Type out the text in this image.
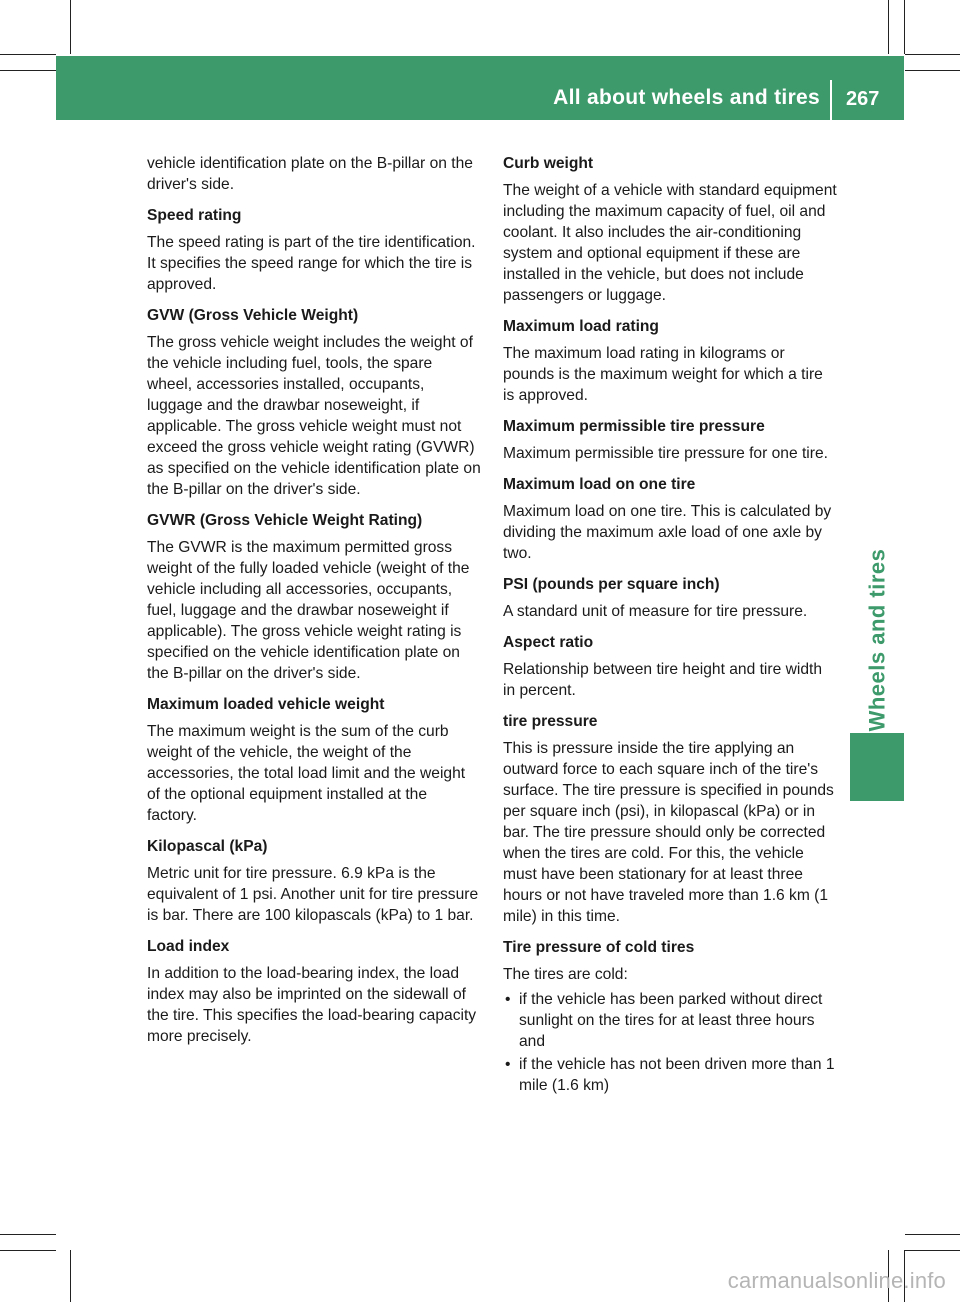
All about wheels and tires 267
Wheels and tires

vehicle identification plate on the B-pillar on the driver's side.

Speed rating

The speed rating is part of the tire identification. It specifies the speed range for which the tire is approved.

GVW (Gross Vehicle Weight)

The gross vehicle weight includes the weight of the vehicle including fuel, tools, the spare wheel, accessories installed, occupants, luggage and the drawbar noseweight, if applicable. The gross vehicle weight must not exceed the gross vehicle weight rating (GVWR) as specified on the vehicle identification plate on the B-pillar on the driver's side.

GVWR (Gross Vehicle Weight Rating)

The GVWR is the maximum permitted gross weight of the fully loaded vehicle (weight of the vehicle including all accessories, occupants, fuel, luggage and the drawbar noseweight if applicable). The gross vehicle weight rating is specified on the vehicle identification plate on the B-pillar on the driver's side.

Maximum loaded vehicle weight

The maximum weight is the sum of the curb weight of the vehicle, the weight of the accessories, the total load limit and the weight of the optional equipment installed at the factory.

Kilopascal (kPa)

Metric unit for tire pressure. 6.9 kPa is the equivalent of 1 psi. Another unit for tire pressure is bar. There are 100 kilopascals (kPa) to 1 bar.

Load index

In addition to the load-bearing index, the load index may also be imprinted on the sidewall of the tire. This specifies the load-bearing capacity more precisely.

Curb weight

The weight of a vehicle with standard equipment including the maximum capacity of fuel, oil and coolant. It also includes the air-conditioning system and optional equipment if these are installed in the vehicle, but does not include passengers or luggage.

Maximum load rating

The maximum load rating in kilograms or pounds is the maximum weight for which a tire is approved.

Maximum permissible tire pressure

Maximum permissible tire pressure for one tire.

Maximum load on one tire

Maximum load on one tire. This is calculated by dividing the maximum axle load of one axle by two.

PSI (pounds per square inch)

A standard unit of measure for tire pressure.

Aspect ratio

Relationship between tire height and tire width in percent.

tire pressure

This is pressure inside the tire applying an outward force to each square inch of the tire's surface. The tire pressure is specified in pounds per square inch (psi), in kilopascal (kPa) or in bar. The tire pressure should only be corrected when the tires are cold. For this, the vehicle must have been stationary for at least three hours or not have traveled more than 1.6 km (1 mile) in this time.

Tire pressure of cold tires

The tires are cold:

• if the vehicle has been parked without direct sunlight on the tires for at least three hours and
• if the vehicle has not been driven more than 1 mile (1.6 km)
carmanualsonline.info
